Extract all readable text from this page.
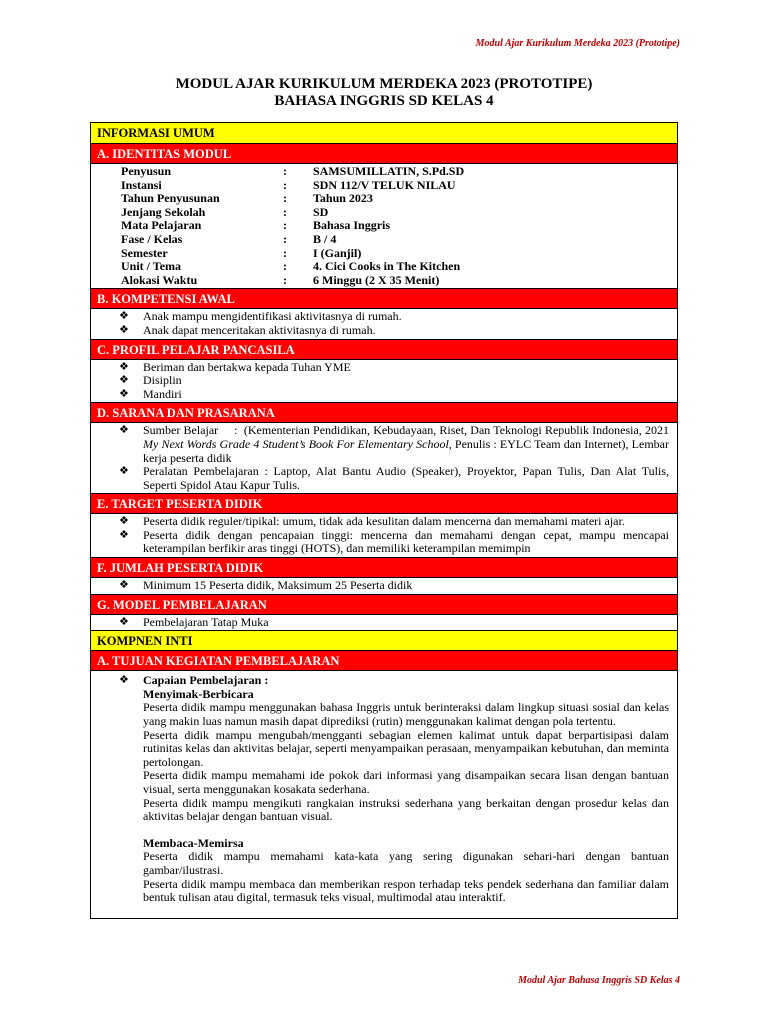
Modul Ajar Kurikulum Merdeka 2023 (Prototipe)
MODUL AJAR KURIKULUM MERDEKA 2023 (PROTOTIPE)
BAHASA INGGRIS SD KELAS 4
INFORMASI UMUM
A. IDENTITAS MODUL
Penyusun	:	SAMSUMILLATIN, S.Pd.SD
Instansi	:	SDN 112/V TELUK NILAU
Tahun Penyusunan	:	Tahun 2023
Jenjang Sekolah	:	SD
Mata Pelajaran	:	Bahasa Inggris
Fase / Kelas	:	B / 4
Semester	:	I (Ganjil)
Unit / Tema	:	4. Cici Cooks in The Kitchen
Alokasi Waktu	:	6 Minggu (2 X 35 Menit)
B. KOMPETENSI AWAL
❖ Anak mampu mengidentifikasi aktivitasnya di rumah.
❖ Anak dapat menceritakan aktivitasnya di rumah.
C. PROFIL PELAJAR PANCASILA
❖ Beriman dan bertakwa kepada Tuhan YME
❖ Disiplin
❖ Mandiri
D. SARANA DAN PRASARANA
❖ Sumber Belajar     :  (Kementerian Pendidikan, Kebudayaan, Riset, Dan Teknologi Republik Indonesia, 2021 My Next Words Grade 4 Student’s Book For Elementary School, Penulis : EYLC Team dan Internet), Lembar kerja peserta didik
❖ Peralatan Pembelajaran : Laptop, Alat Bantu Audio (Speaker), Proyektor, Papan Tulis, Dan Alat Tulis, Seperti Spidol Atau Kapur Tulis.
E. TARGET PESERTA DIDIK
❖ Peserta didik reguler/tipikal: umum, tidak ada kesulitan dalam mencerna dan memahami materi ajar.
❖ Peserta didik dengan pencapaian tinggi: mencerna dan memahami dengan cepat, mampu mencapai keterampilan berfikir aras tinggi (HOTS), dan memiliki keterampilan memimpin
F. JUMLAH PESERTA DIDIK
❖ Minimum 15 Peserta didik, Maksimum 25 Peserta didik
G. MODEL PEMBELAJARAN
❖ Pembelajaran Tatap Muka
KOMPNEN INTI
A. TUJUAN KEGIATAN PEMBELAJARAN
❖ Capaian Pembelajaran :
Menyimak-Berbicara
Peserta didik mampu menggunakan bahasa Inggris untuk berinteraksi dalam lingkup situasi sosial dan kelas yang makin luas namun masih dapat diprediksi (rutin) menggunakan kalimat dengan pola tertentu.
Peserta didik mampu mengubah/mengganti sebagian elemen kalimat untuk dapat berpartisipasi dalam rutinitas kelas dan aktivitas belajar, seperti menyampaikan perasaan, menyampaikan kebutuhan, dan meminta pertolongan.
Peserta didik mampu memahami ide pokok dari informasi yang disampaikan secara lisan dengan bantuan visual, serta menggunakan kosakata sederhana.
Peserta didik mampu mengikuti rangkaian instruksi sederhana yang berkaitan dengan prosedur kelas dan aktivitas belajar dengan bantuan visual.
Membaca-Memirsa
Peserta didik mampu memahami kata-kata yang sering digunakan sehari-hari dengan bantuan gambar/ilustrasi.
Peserta didik mampu membaca dan memberikan respon terhadap teks pendek sederhana dan familiar dalam bentuk tulisan atau digital, termasuk teks visual, multimodal atau interaktif.
Modul Ajar Bahasa Inggris SD Kelas 4
